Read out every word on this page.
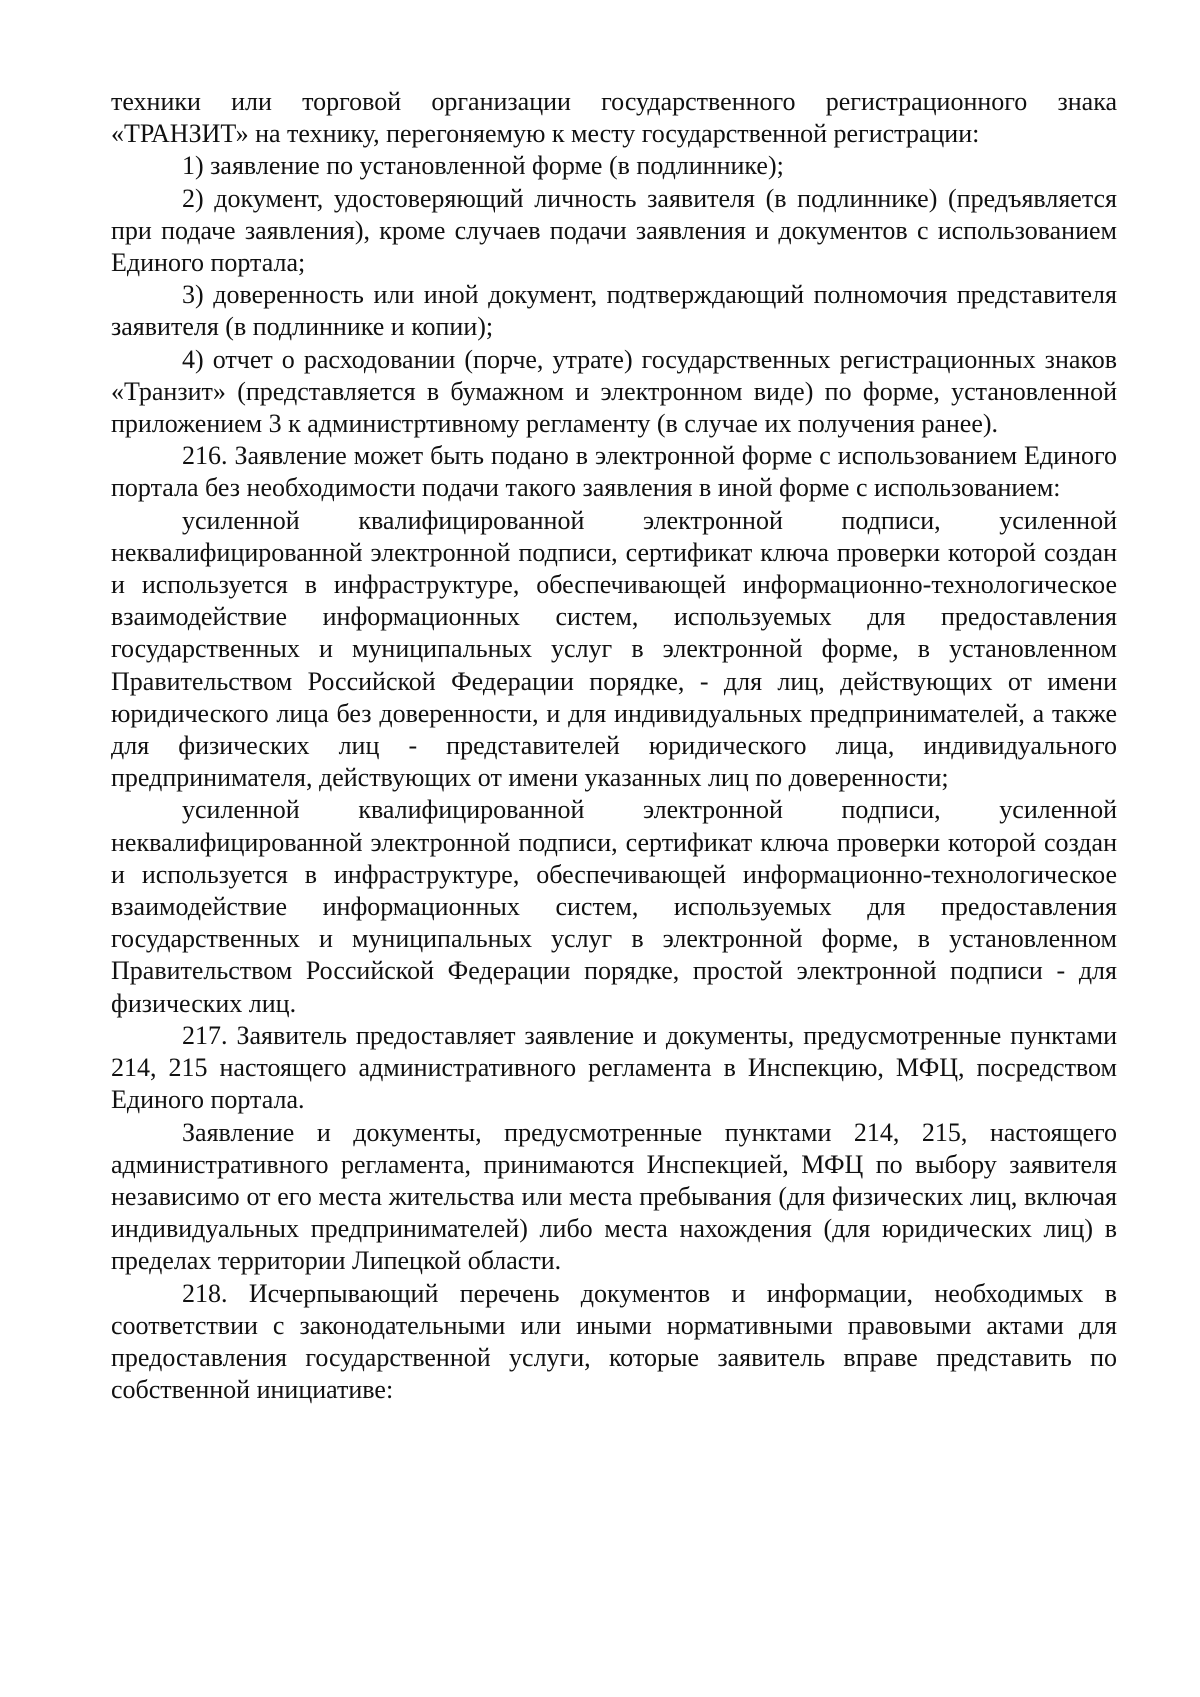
техники или торговой организации государственного регистрационного знака «ТРАНЗИТ» на технику, перегоняемую к месту государственной регистрации:

1) заявление по установленной форме (в подлиннике);

2) документ, удостоверяющий личность заявителя (в подлиннике) (предъявляется при подаче заявления), кроме случаев подачи заявления и документов с использованием Единого портала;

3) доверенность или иной документ, подтверждающий полномочия представителя заявителя (в подлиннике и копии);

4) отчет о расходовании (порче, утрате) государственных регистрационных знаков «Транзит» (представляется в бумажном и электронном виде) по форме, установленной приложением 3 к администртивному регламенту (в случае их получения ранее).

216. Заявление может быть подано в электронной форме с использованием Единого портала без необходимости подачи такого заявления в иной форме с использованием:

усиленной квалифицированной электронной подписи, усиленной неквалифицированной электронной подписи, сертификат ключа проверки которой создан и используется в инфраструктуре, обеспечивающей информационно-технологическое взаимодействие информационных систем, используемых для предоставления государственных и муниципальных услуг в электронной форме, в установленном Правительством Российской Федерации порядке, - для лиц, действующих от имени юридического лица без доверенности, и для индивидуальных предпринимателей, а также для физических лиц - представителей юридического лица, индивидуального предпринимателя, действующих от имени указанных лиц по доверенности;

усиленной квалифицированной электронной подписи, усиленной неквалифицированной электронной подписи, сертификат ключа проверки которой создан и используется в инфраструктуре, обеспечивающей информационно-технологическое взаимодействие информационных систем, используемых для предоставления государственных и муниципальных услуг в электронной форме, в установленном Правительством Российской Федерации порядке, простой электронной подписи - для физических лиц.

217. Заявитель предоставляет заявление и документы, предусмотренные пунктами 214, 215 настоящего административного регламента в Инспекцию, МФЦ, посредством Единого портала.

Заявление и документы, предусмотренные пунктами 214, 215, настоящего административного регламента, принимаются Инспекцией, МФЦ по выбору заявителя независимо от его места жительства или места пребывания (для физических лиц, включая индивидуальных предпринимателей) либо места нахождения (для юридических лиц) в пределах территории Липецкой области.

218. Исчерпывающий перечень документов и информации, необходимых в соответствии с законодательными или иными нормативными правовыми актами для предоставления государственной услуги, которые заявитель вправе представить по собственной инициативе:
